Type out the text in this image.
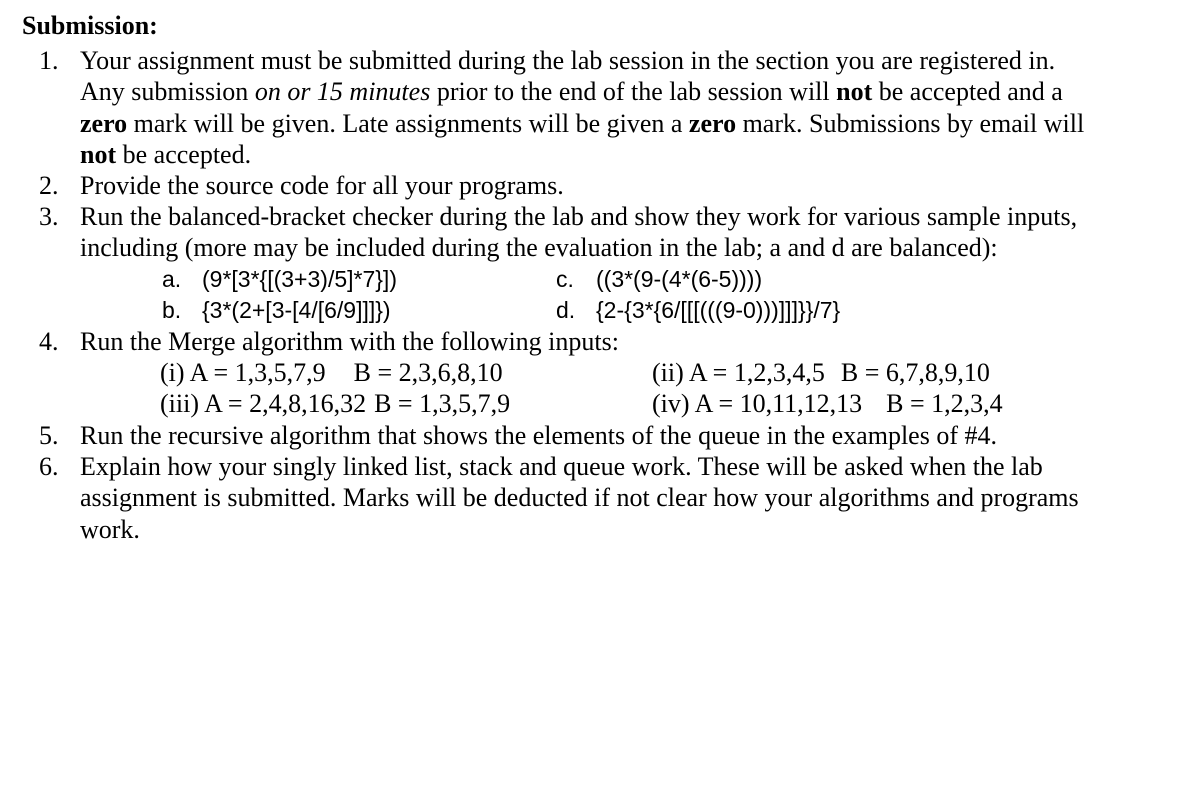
Submission:
1. Your assignment must be submitted during the lab session in the section you are registered in.
Any submission on or 15 minutes prior to the end of the lab session will not be accepted and a
zero mark will be given. Late assignments will be given a zero mark. Submissions by email will
not be accepted.
2. Provide the source code for all your programs.
3. Run the balanced-bracket checker during the lab and show they work for various sample inputs,
including (more may be included during the evaluation in the lab; a and d are balanced):
a. (9*[3*{[(3+3)/5]*7}])
b. {3*(2+[3-[4/[6/9]]]})
c. ((3*(9-(4*(6-5))))
d. {2-{3*{6/[[[(((9-0)))]]]}}/7}
4. Run the Merge algorithm with the following inputs:
(i) A = 1,3,5,7,9 B = 2,3,6,8,10	(ii) A = 1,2,3,4,5 B = 6,7,8,9,10
(iii) A = 2,4,8,16,32 B = 1,3,5,7,9	(iv) A = 10,11,12,13 B = 1,2,3,4
5. Run the recursive algorithm that shows the elements of the queue in the examples of #4.
6. Explain how your singly linked list, stack and queue work. These will be asked when the lab
assignment is submitted. Marks will be deducted if not clear how your algorithms and programs
work.
